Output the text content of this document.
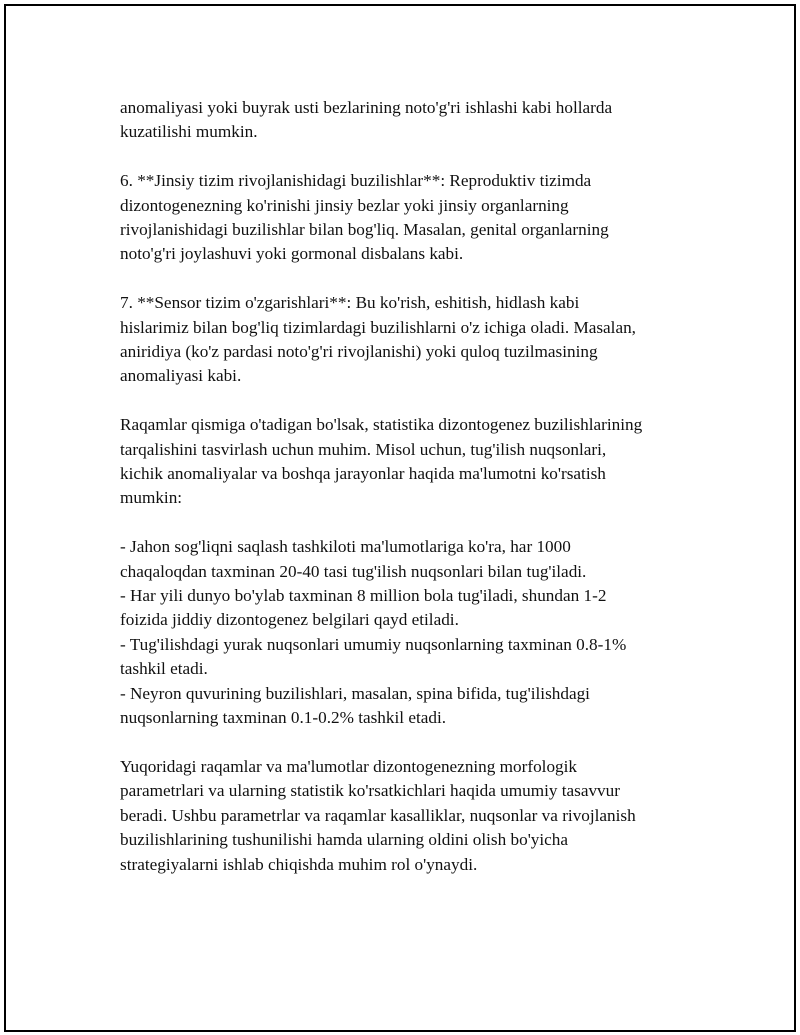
anomaliyasi yoki buyrak usti bezlarining noto'g'ri ishlashi kabi hollarda
kuzatilishi mumkin.

6. **Jinsiy tizim rivojlanishidagi buzilishlar**: Reproduktiv tizimda
dizontogenezning ko'rinishi jinsiy bezlar yoki jinsiy organlarning
rivojlanishidagi buzilishlar bilan bog'liq. Masalan, genital organlarning
noto'g'ri joylashuvi yoki gormonal disbalans kabi.

7. **Sensor tizim o'zgarishlari**: Bu ko'rish, eshitish, hidlash kabi
hislarimiz bilan bog'liq tizimlardagi buzilishlarni o'z ichiga oladi. Masalan,
aniridiya (ko'z pardasi noto'g'ri rivojlanishi) yoki quloq tuzilmasining
anomaliyasi kabi.

Raqamlar qismiga o'tadigan bo'lsak, statistika dizontogenez buzilishlarining
tarqalishini tasvirlash uchun muhim. Misol uchun, tug'ilish nuqsonlari,
kichik anomaliyalar va boshqa jarayonlar haqida ma'lumotni ko'rsatish
mumkin:

- Jahon sog'liqni saqlash tashkiloti ma'lumotlariga ko'ra, har 1000
chaqaloqdan taxminan 20-40 tasi tug'ilish nuqsonlari bilan tug'iladi.
- Har yili dunyo bo'ylab taxminan 8 million bola tug'iladi, shundan 1-2
foizida jiddiy dizontogenez belgilari qayd etiladi.
- Tug'ilishdagi yurak nuqsonlari umumiy nuqsonlarning taxminan 0.8-1%
tashkil etadi.
- Neyron quvurining buzilishlari, masalan, spina bifida, tug'ilishdagi
nuqsonlarning taxminan 0.1-0.2% tashkil etadi.

Yuqoridagi raqamlar va ma'lumotlar dizontogenezning morfologik
parametrlari va ularning statistik ko'rsatkichlari haqida umumiy tasavvur
beradi. Ushbu parametrlar va raqamlar kasalliklar, nuqsonlar va rivojlanish
buzilishlarining tushunilishi hamda ularning oldini olish bo'yicha
strategiyalarni ishlab chiqishda muhim rol o'ynaydi.
